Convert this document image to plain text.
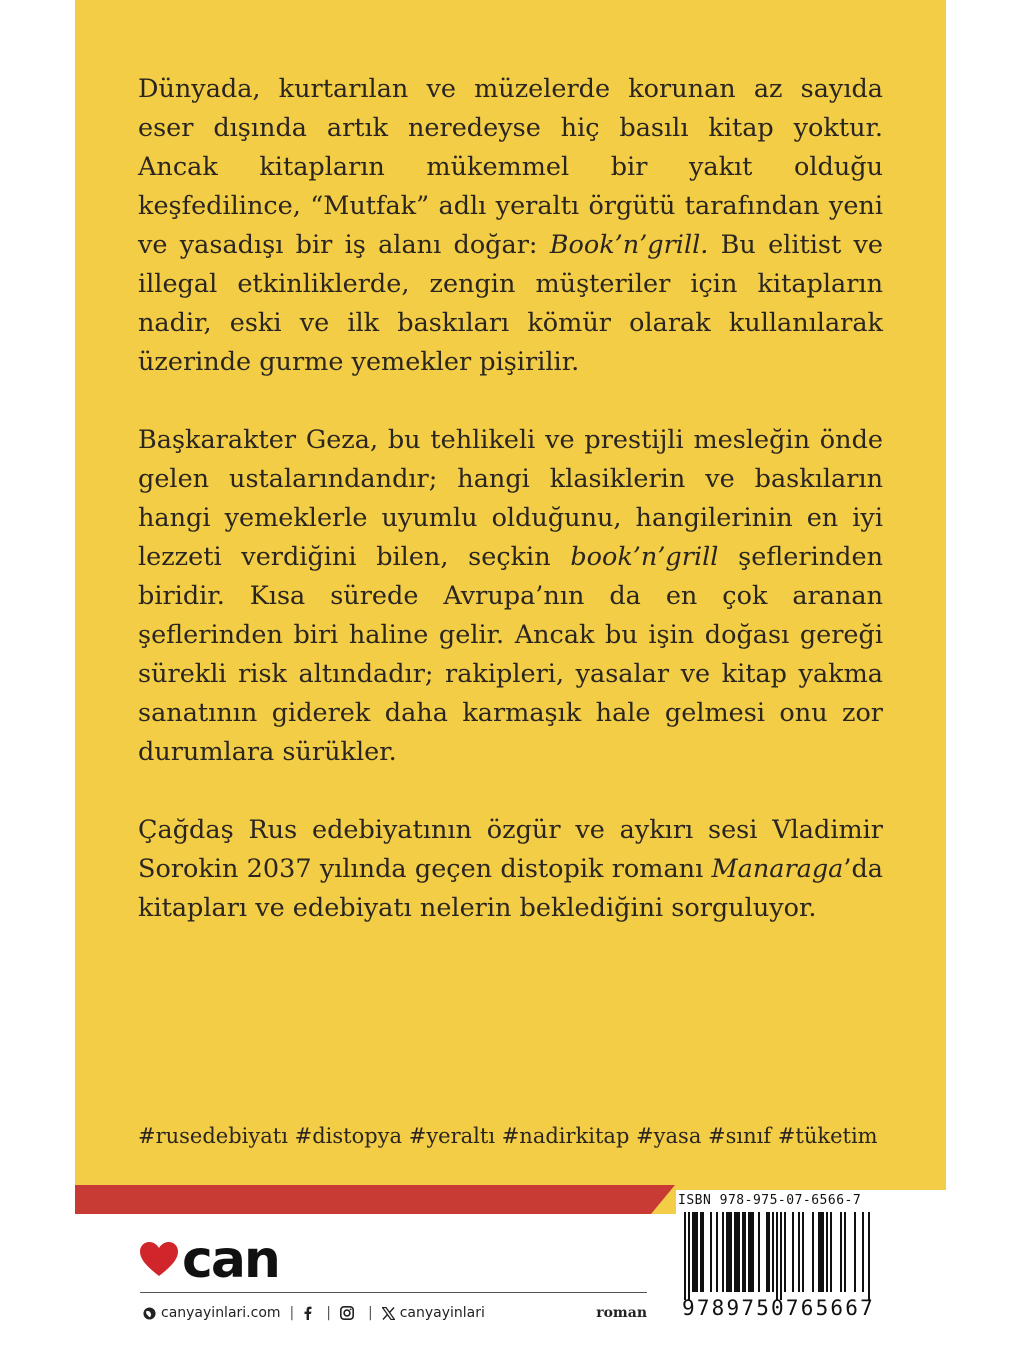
Dünyada, kurtarılan ve müzelerde korunan az sayıda eser dışında artık neredeyse hiç basılı kitap yoktur. Ancak kitapların mükemmel bir yakıt olduğu keşfedilince, “Mutfak” adlı yeraltı örgütü tarafından yeni ve yasadışı bir iş alanı doğar: Book’n’grill. Bu elitist ve illegal etkinliklerde, zengin müşteriler için kitapların nadir, eski ve ilk baskıları kömür olarak kullanılarak üzerinde gurme yemekler pişirilir.

Başkarakter Geza, bu tehlikeli ve prestijli mesleğin önde gelen ustalarındandır; hangi klasiklerin ve baskıların hangi yemeklerle uyumlu olduğunu, hangilerinin en iyi lezzeti verdiğini bilen, seçkin book’n’grill şeflerinden biridir. Kısa sürede Avrupa’nın da en çok aranan şeflerinden biri haline gelir. Ancak bu işin doğası gereği sürekli risk altındadır; rakipleri, yasalar ve kitap yakma sanatının giderek daha karmaşık hale gelmesi onu zor durumlara sürükler.

Çağdaş Rus edebiyatının özgür ve aykırı sesi Vladimir Sorokin 2037 yılında geçen distopik romanı Manaraga’da kitapları ve edebiyatı nelerin beklediğini sorguluyor.

#rusedebiyatı #distopya #yeraltı #nadirkitap #yasa #sınıf #tüketim
can
canyayinlari.com | |	| canyayinlari	roman
ISBN 978-975-07-6566-7
9789750765667
